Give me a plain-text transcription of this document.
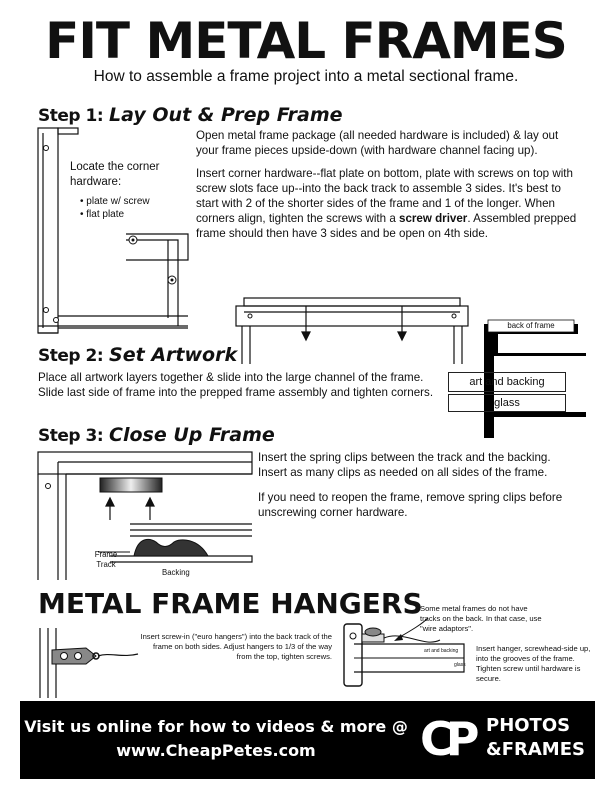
FIT METAL FRAMES
How to assemble a frame project into a metal sectional frame.
Step 1: Lay Out & Prep Frame
Locate the corner hardware:
• plate w/ screw
• flat plate

Open metal frame package (all needed hardware is included) & lay out your frame pieces upside-down (with hardware channel facing up).

Insert corner hardware--flat plate on bottom, plate with screws on top with screw slots face up--into the back track to assemble 3 sides. It's best to start with 2 of the shorter sides of the frame and 1 of the longer. When corners align, tighten the screws with a screw driver. Assembled prepped frame should then have 3 sides and be open on 4th side.

back of frame
art and backing
glass
Step 2: Set Artwork
Place all artwork layers together & slide into the large channel of the frame. Slide last side of frame into the prepped frame assembly and tighten corners.
Step 3: Close Up Frame
Frame Track
Backing

Insert the spring clips between the track and the backing. Insert as many clips as needed on all sides of the frame.

If you need to reopen the frame, remove spring clips before unscrewing corner hardware.

METAL FRAME HANGERS
Insert screw-in ("euro hangers") into the back track of the frame on both sides. Adjust hangers to 1/3 of the way from the top, tighten screws.
Some metal frames do not have tracks on the back. In that case, use "wire adaptors".
art and backing
glass
Insert hanger, screwhead-side up, into the grooves of the frame. Tighten screw until hardware is secure.
Visit us online for how to videos & more @
www.CheapPetes.com	CP PHOTOS
&FRAMES
